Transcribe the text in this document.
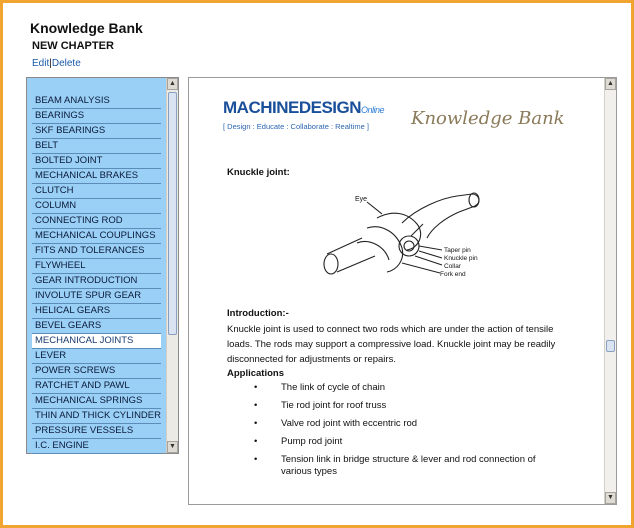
Knowledge Bank
NEW CHAPTER
Edit|Delete
BEAM ANALYSIS
BEARINGS
SKF BEARINGS
BELT
BOLTED JOINT
MECHANICAL BRAKES
CLUTCH
COLUMN
CONNECTING ROD
MECHANICAL COUPLINGS
FITS AND TOLERANCES
FLYWHEEL
GEAR INTRODUCTION
INVOLUTE SPUR GEAR
HELICAL GEARS
BEVEL GEARS
MECHANICAL JOINTS
LEVER
POWER SCREWS
RATCHET AND PAWL
MECHANICAL SPRINGS
THIN AND THICK CYLINDER
PRESSURE VESSELS
I.C. ENGINE
▲
▼
MACHINEDESIGNOnline
[ Design : Educate : Collaborate : Realtime ] Knowledge Bank
Knuckle joint:
Eye
Taper pin
Knuckle pin
Collar
Fork end
Introduction:-
Knuckle joint is used to connect two rods which are under the action of tensile loads. The rods may support a compressive load. Knuckle joint may be readily disconnected for adjustments or repairs.
Applications
• The link of cycle of chain
• Tie rod joint for roof truss
• Valve rod joint with eccentric rod
• Pump rod joint
• Tension link in bridge structure & lever and rod connection of various types
▲
▼
